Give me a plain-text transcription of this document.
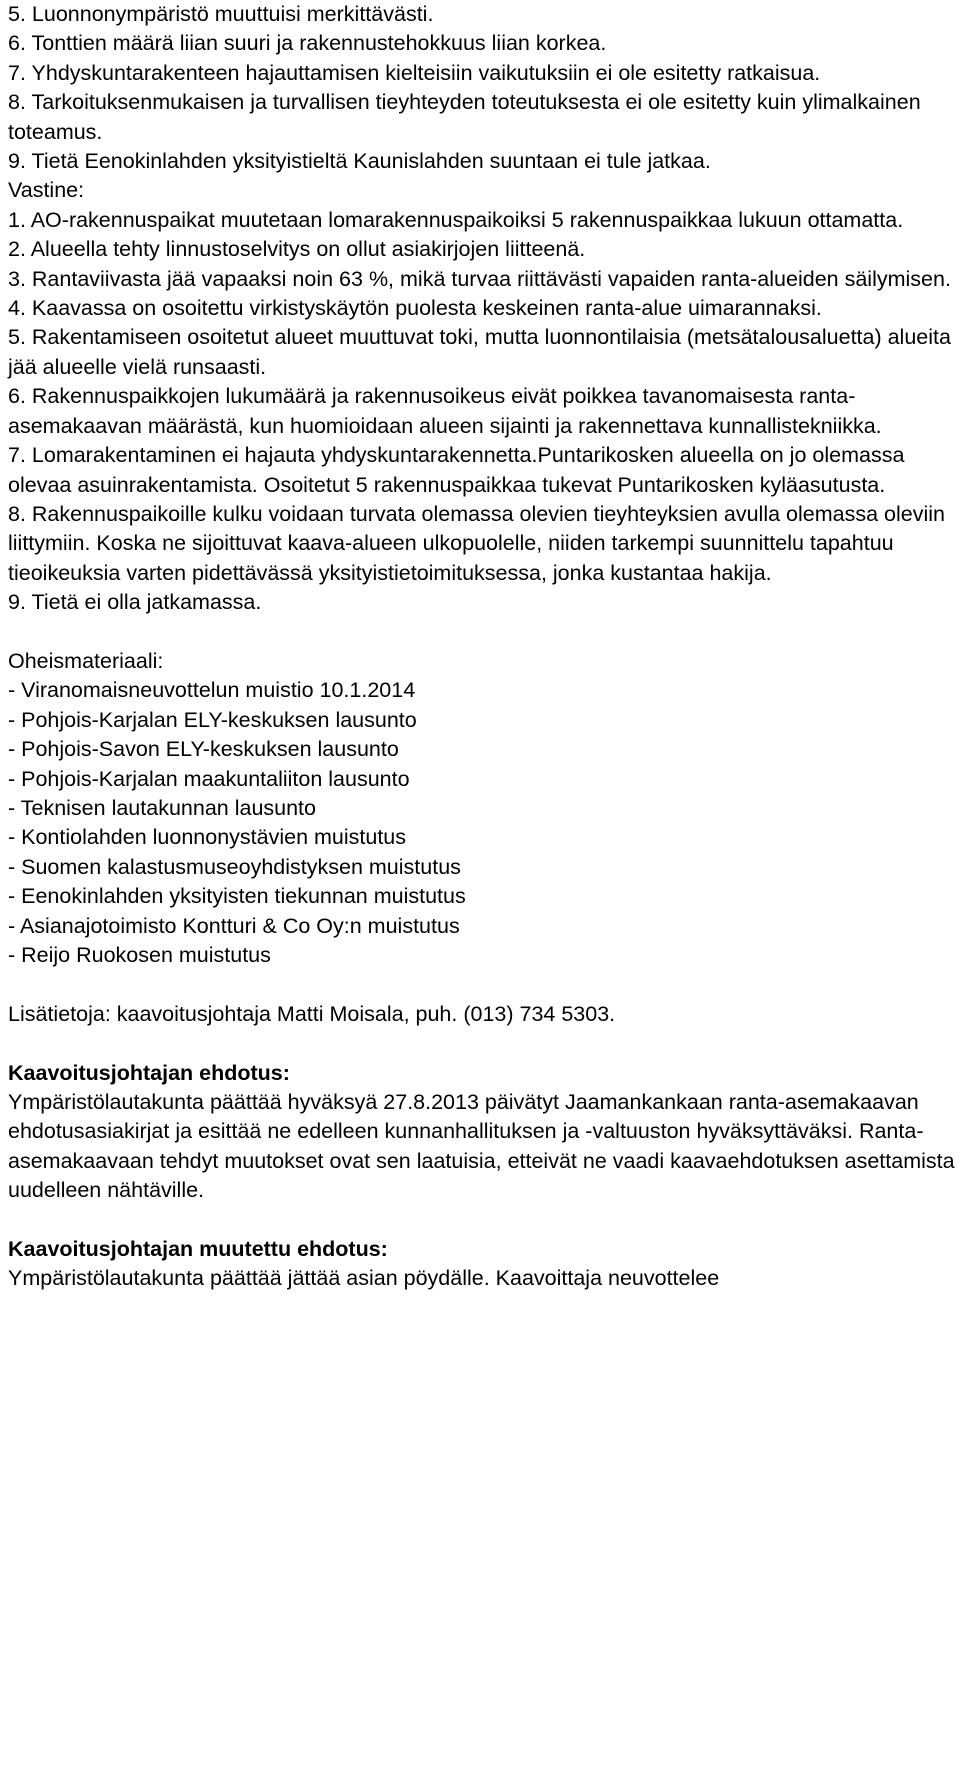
5. Luonnonympäristö muuttuisi merkittävästi.

6. Tonttien määrä liian suuri ja rakennustehokkuus liian korkea.

7. Yhdyskuntarakenteen hajauttamisen kielteisiin vaikutuksiin ei ole esitetty ratkaisua.

8. Tarkoituksenmukaisen ja turvallisen tieyhteyden toteutuksesta ei ole esitetty kuin ylimalkainen toteamus.

9. Tietä Eenokinlahden yksityistieltä Kaunislahden suuntaan ei tule jatkaa.

Vastine:

1. AO-rakennuspaikat muutetaan lomarakennuspaikoiksi 5 rakennuspaikkaa lukuun ottamatta.

2. Alueella tehty linnustoselvitys on ollut asiakirjojen liitteenä.

3. Rantaviivasta jää vapaaksi noin 63 %, mikä turvaa riittävästi vapaiden ranta-alueiden säilymisen.

4. Kaavassa on osoitettu virkistyskäytön puolesta keskeinen ranta-alue uimarannaksi.

5. Rakentamiseen osoitetut alueet muuttuvat toki, mutta luonnontilaisia (metsätalousaluetta) alueita jää alueelle vielä runsaasti.

6. Rakennuspaikkojen lukumäärä ja rakennusoikeus eivät poikkea tavanomaisesta ranta-asemakaavan määrästä, kun huomioidaan alueen sijainti ja rakennettava kunnallistekniikka.

7. Lomarakentaminen ei hajauta yhdyskuntarakennetta.Puntarikosken alueella on jo olemassa olevaa asuinrakentamista. Osoitetut 5 rakennuspaikkaa tukevat Puntarikosken kyläasutusta.

8. Rakennuspaikoille kulku voidaan turvata olemassa olevien tieyhteyksien avulla olemassa oleviin liittymiin. Koska ne sijoittuvat kaava-alueen ulkopuolelle, niiden tarkempi suunnittelu tapahtuu tieoikeuksia varten pidettävässä yksityistietoimituksessa, jonka kustantaa hakija.

9. Tietä ei olla jatkamassa.

Oheismateriaali:

- Viranomaisneuvottelun muistio 10.1.2014

- Pohjois-Karjalan ELY-keskuksen lausunto

- Pohjois-Savon ELY-keskuksen lausunto

- Pohjois-Karjalan maakuntaliiton lausunto

- Teknisen lautakunnan lausunto

- Kontiolahden luonnonystävien muistutus

- Suomen kalastusmuseoyhdistyksen muistutus

- Eenokinlahden yksityisten tiekunnan muistutus

- Asianajotoimisto Kontturi & Co Oy:n muistutus

- Reijo Ruokosen muistutus

Lisätietoja: kaavoitusjohtaja Matti Moisala, puh. (013) 734 5303.

Kaavoitusjohtajan ehdotus:

Ympäristölautakunta päättää hyväksyä 27.8.2013 päivätyt Jaamankankaan ranta-asemakaavan ehdotusasiakirjat ja esittää ne edelleen kunnanhallituksen ja -valtuuston hyväksyttäväksi. Ranta-asemakaavaan tehdyt muutokset ovat sen laatuisia, etteivät ne vaadi kaavaehdotuksen asettamista uudelleen nähtäville.

Kaavoitusjohtajan muutettu ehdotus:

Ympäristölautakunta päättää jättää asian pöydälle. Kaavoittaja neuvottelee
